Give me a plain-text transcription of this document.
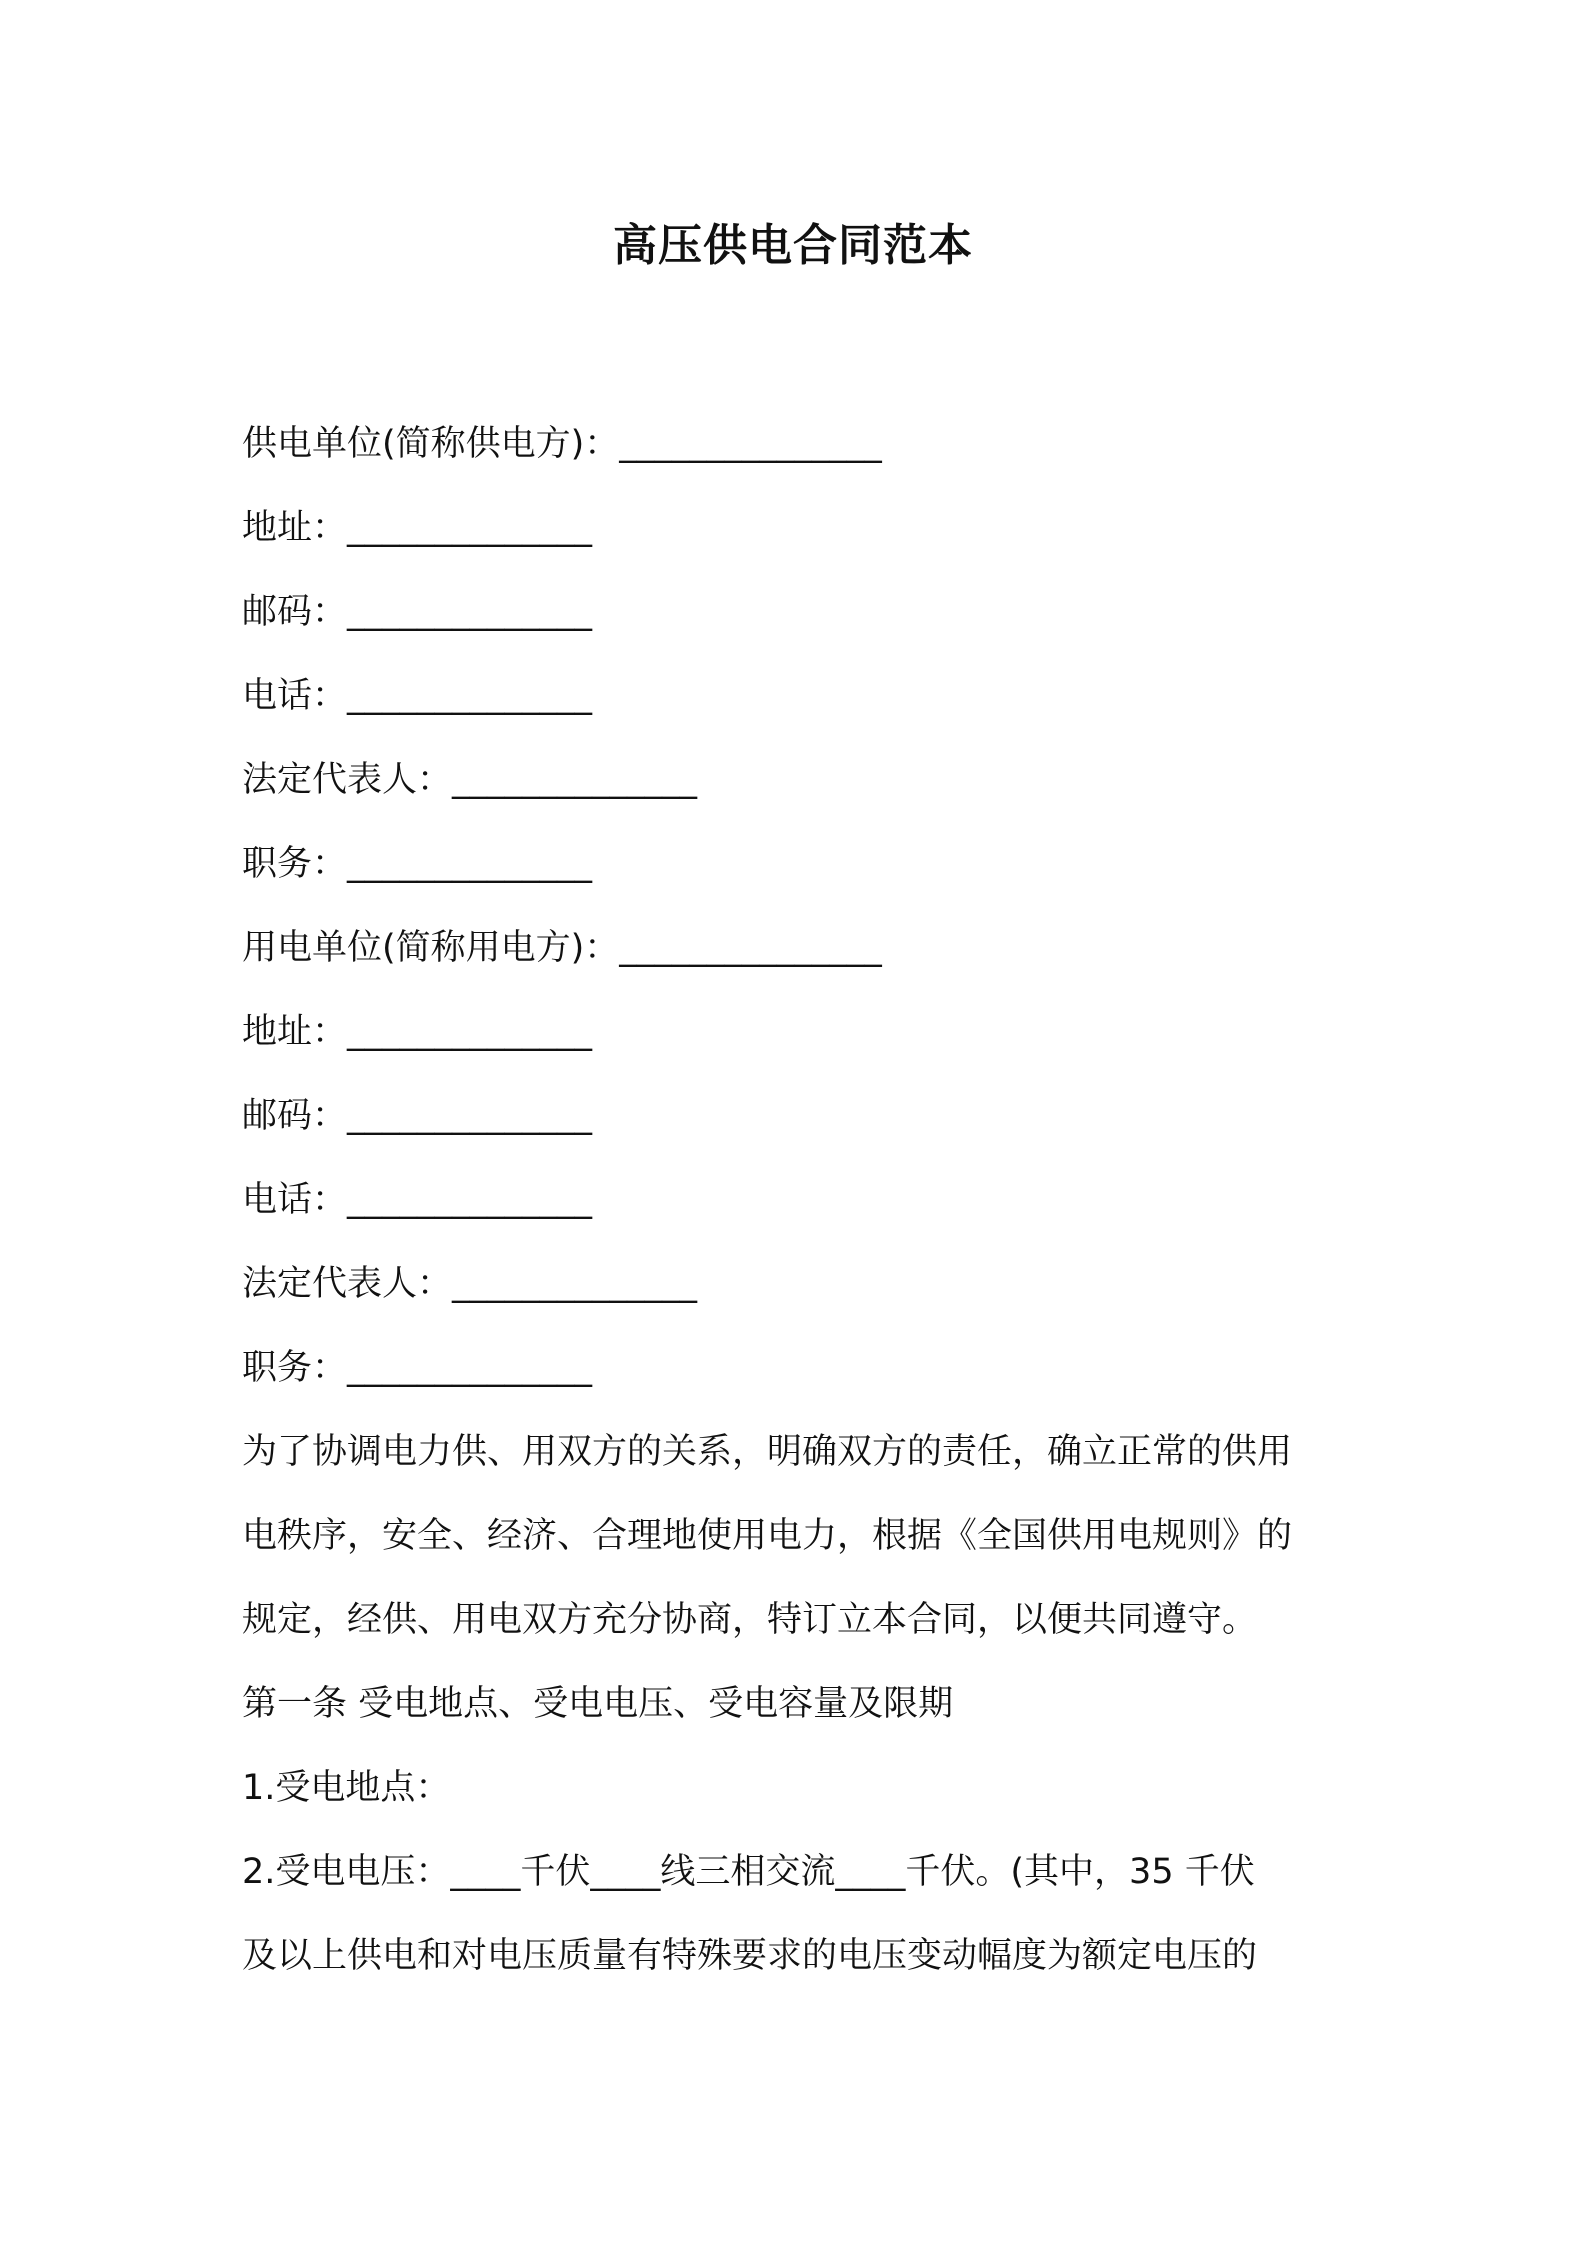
高压供电合同范本
供电单位(简称供电方)：_______________
地址：______________
邮码：______________
电话：______________
法定代表人：______________
职务：______________
用电单位(简称用电方)：_______________
地址：______________
邮码：______________
电话：______________
法定代表人：______________
职务：______________
为了协调电力供、用双方的关系，明确双方的责任，确立正常的供用
电秩序，安全、经济、合理地使用电力，根据《全国供用电规则》的
规定，经供、用电双方充分协商，特订立本合同，以便共同遵守。
第一条 受电地点、受电电压、受电容量及限期
1.受电地点：
2.受电电压：____千伏____线三相交流____千伏。(其中，35 千伏
及以上供电和对电压质量有特殊要求的电压变动幅度为额定电压的
